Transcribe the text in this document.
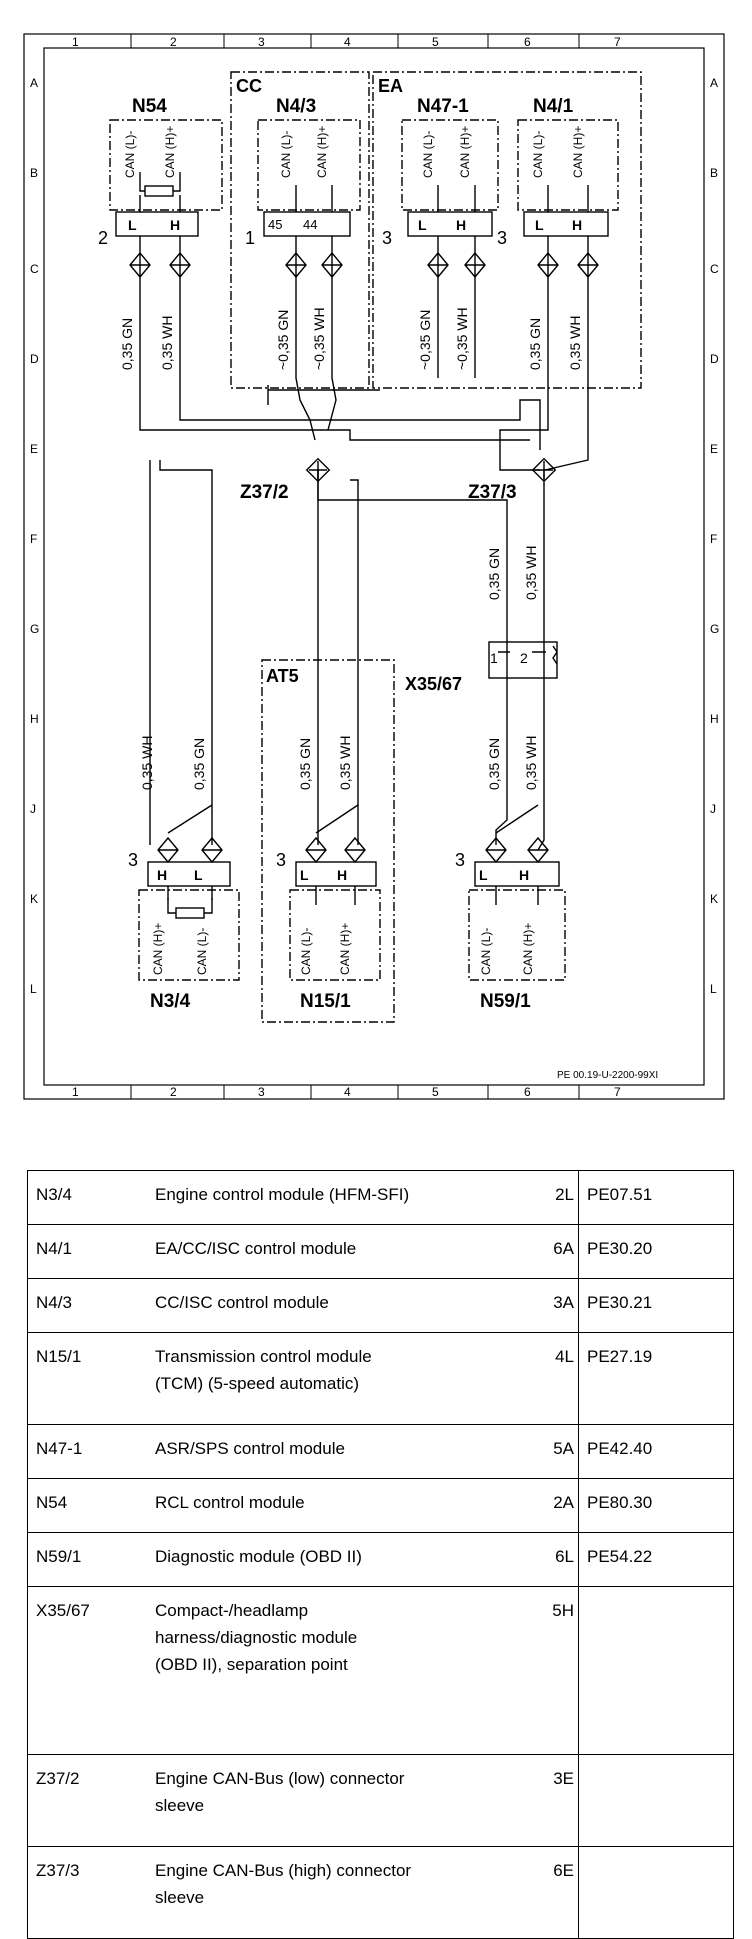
1
1
2
2
3
3
4
4
5
5
6
6
7
7
A	A
B	B
C	C
D	D
E	E
F	F
G	G
H	H
J	J
K	K
L	L
CC	EA
AT5
N54	N4/3	N47-1	N4/1
N3/4	N15/1	N59/1
Z37/2	Z37/3
X35/67
2	1	3	3
3	3	3
45 44
1 2
L H	L H	L H
H L	L H	L H
CAN (L)- CAN (H)+	CAN (L)- CAN (H)+	CAN (L)- CAN (H)+	CAN (L)- CAN (H)+
CAN (H)+	CAN (L)-	CAN (L)- CAN (H)+	CAN (L)- CAN (H)+
0,35 GN 0,35 WH	~0,35 GN ~0,35 WH	~0,35 GN ~0,35 WH	0,35 GN 0,35 WH
0,35 GN 0,35 WH
0,35 GN 0,35 WH
0,35 WH	0,35 GN	0,35 GN 0,35 WH
PE 00.19-U-2200-99XI
N3/4	Engine control module (HFM-SFI)	2L	PE07.51
N4/1	EA/CC/ISC control module	6A	PE30.20
N4/3	CC/ISC control module	3A	PE30.21
N15/1	Transmission control module
(TCM) (5-speed automatic)	4L	PE27.19
N47-1	ASR/SPS control module	5A	PE42.40
N54	RCL control module	2A	PE80.30
N59/1	Diagnostic module (OBD II)	6L	PE54.22
X35/67	Compact-/headlamp
harness/diagnostic module
(OBD II), separation point	5H	
Z37/2	Engine CAN-Bus (low) connector
sleeve	3E	
Z37/3	Engine CAN-Bus (high) connector
sleeve	6E	
